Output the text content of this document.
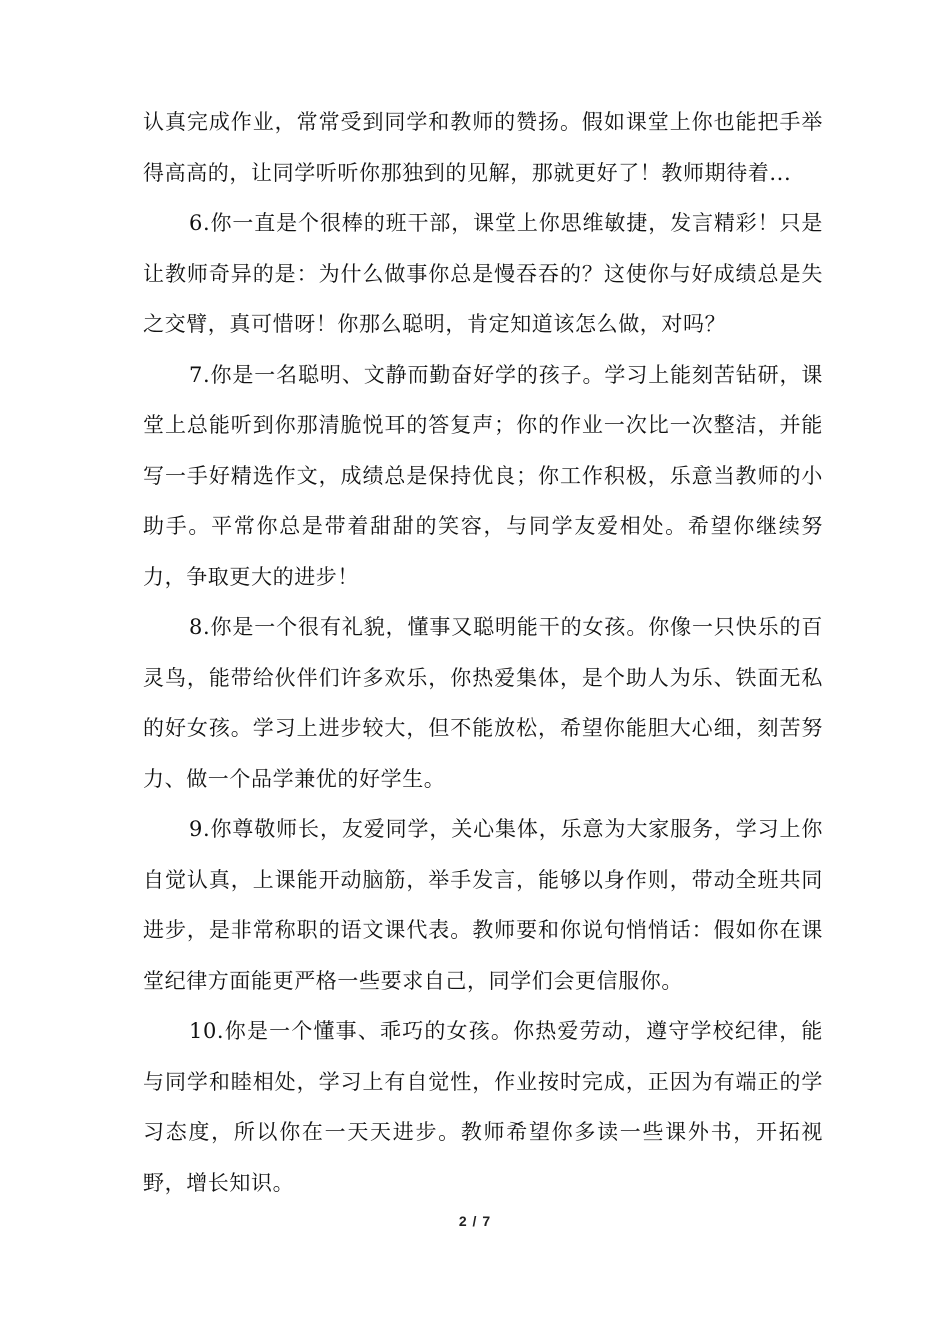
认真完成作业，常常受到同学和教师的赞扬。假如课堂上你也能把手举得高高的，让同学听听你那独到的见解，那就更好了！教师期待着...

6.你一直是个很棒的班干部，课堂上你思维敏捷，发言精彩！只是让教师奇异的是：为什么做事你总是慢吞吞的？这使你与好成绩总是失之交臂，真可惜呀！你那么聪明，肯定知道该怎么做，对吗？

7.你是一名聪明、文静而勤奋好学的孩子。学习上能刻苦钻研，课堂上总能听到你那清脆悦耳的答复声；你的作业一次比一次整洁，并能写一手好精选作文，成绩总是保持优良；你工作积极，乐意当教师的小助手。平常你总是带着甜甜的笑容，与同学友爱相处。希望你继续努力，争取更大的进步！

8.你是一个很有礼貌，懂事又聪明能干的女孩。你像一只快乐的百灵鸟，能带给伙伴们许多欢乐，你热爱集体，是个助人为乐、铁面无私的好女孩。学习上进步较大，但不能放松，希望你能胆大心细，刻苦努力、做一个品学兼优的好学生。

9.你尊敬师长，友爱同学，关心集体，乐意为大家服务，学习上你自觉认真，上课能开动脑筋，举手发言，能够以身作则，带动全班共同进步，是非常称职的语文课代表。教师要和你说句悄悄话：假如你在课堂纪律方面能更严格一些要求自己，同学们会更信服你。

10.你是一个懂事、乖巧的女孩。你热爱劳动，遵守学校纪律，能与同学和睦相处，学习上有自觉性，作业按时完成，正因为有端正的学习态度，所以你在一天天进步。教师希望你多读一些课外书，开拓视野，增长知识。

2 / 7
